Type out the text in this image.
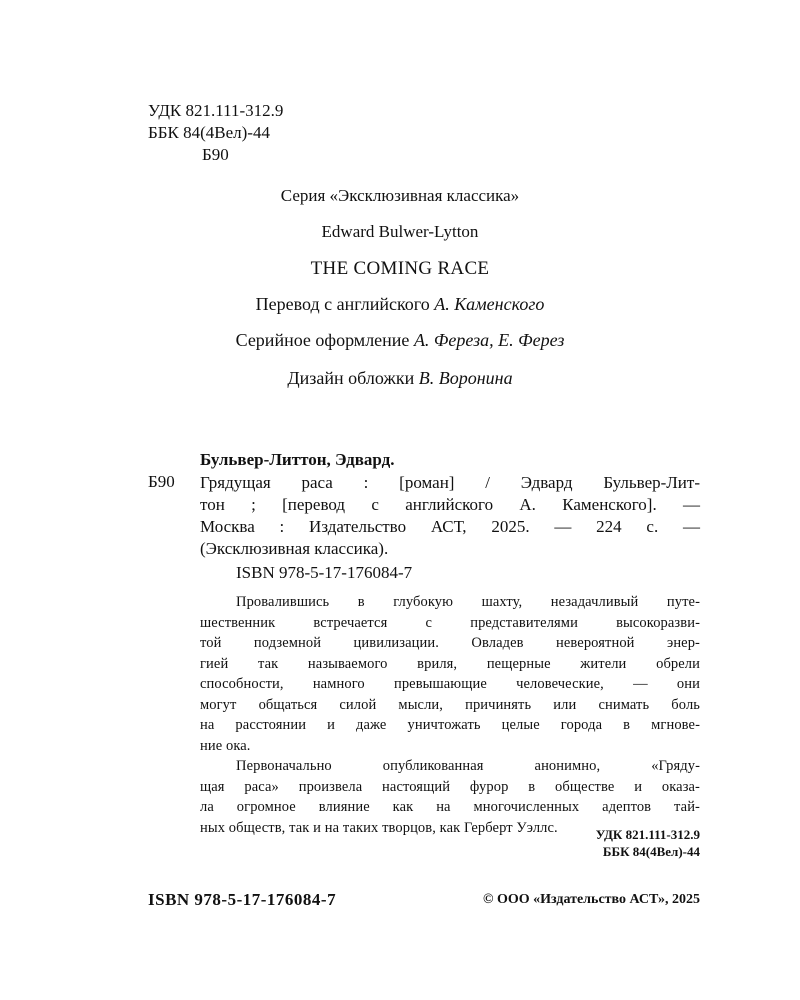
УДК 821.111-312.9
ББК 84(4Вел)-44
Б90
Серия «Эксклюзивная классика»
Edward Bulwer-Lytton
THE COMING RACE
Перевод с английского А. Каменского
Серийное оформление А. Фереза, Е. Ферез
Дизайн обложки В. Воронина
Бульвер-Литтон, Эдвард.
Б90 Грядущая раса : [роман] / Эдвард Бульвер-Лит-
тон ; [перевод с английского А. Каменского]. —
Москва : Издательство АСТ, 2025. — 224 с. —
(Эксклюзивная классика).
ISBN 978-5-17-176084-7
Провалившись в глубокую шахту, незадачливый путе-
шественник встречается с представителями высокоразви-
той подземной цивилизации. Овладев невероятной энер-
гией так называемого вриля, пещерные жители обрели
способности, намного превышающие человеческие, — они
могут общаться силой мысли, причинять или снимать боль
на расстоянии и даже уничтожать целые города в мгнове-
ние ока.
Первоначально опубликованная анонимно, «Гряду-
щая раса» произвела настоящий фурор в обществе и оказа-
ла огромное влияние как на многочисленных адептов тай-
ных обществ, так и на таких творцов, как Герберт Уэллс.	УДК 821.111-312.9
ББК 84(4Вел)-44
ISBN 978-5-17-176084-7	© ООО «Издательство АСТ», 2025
